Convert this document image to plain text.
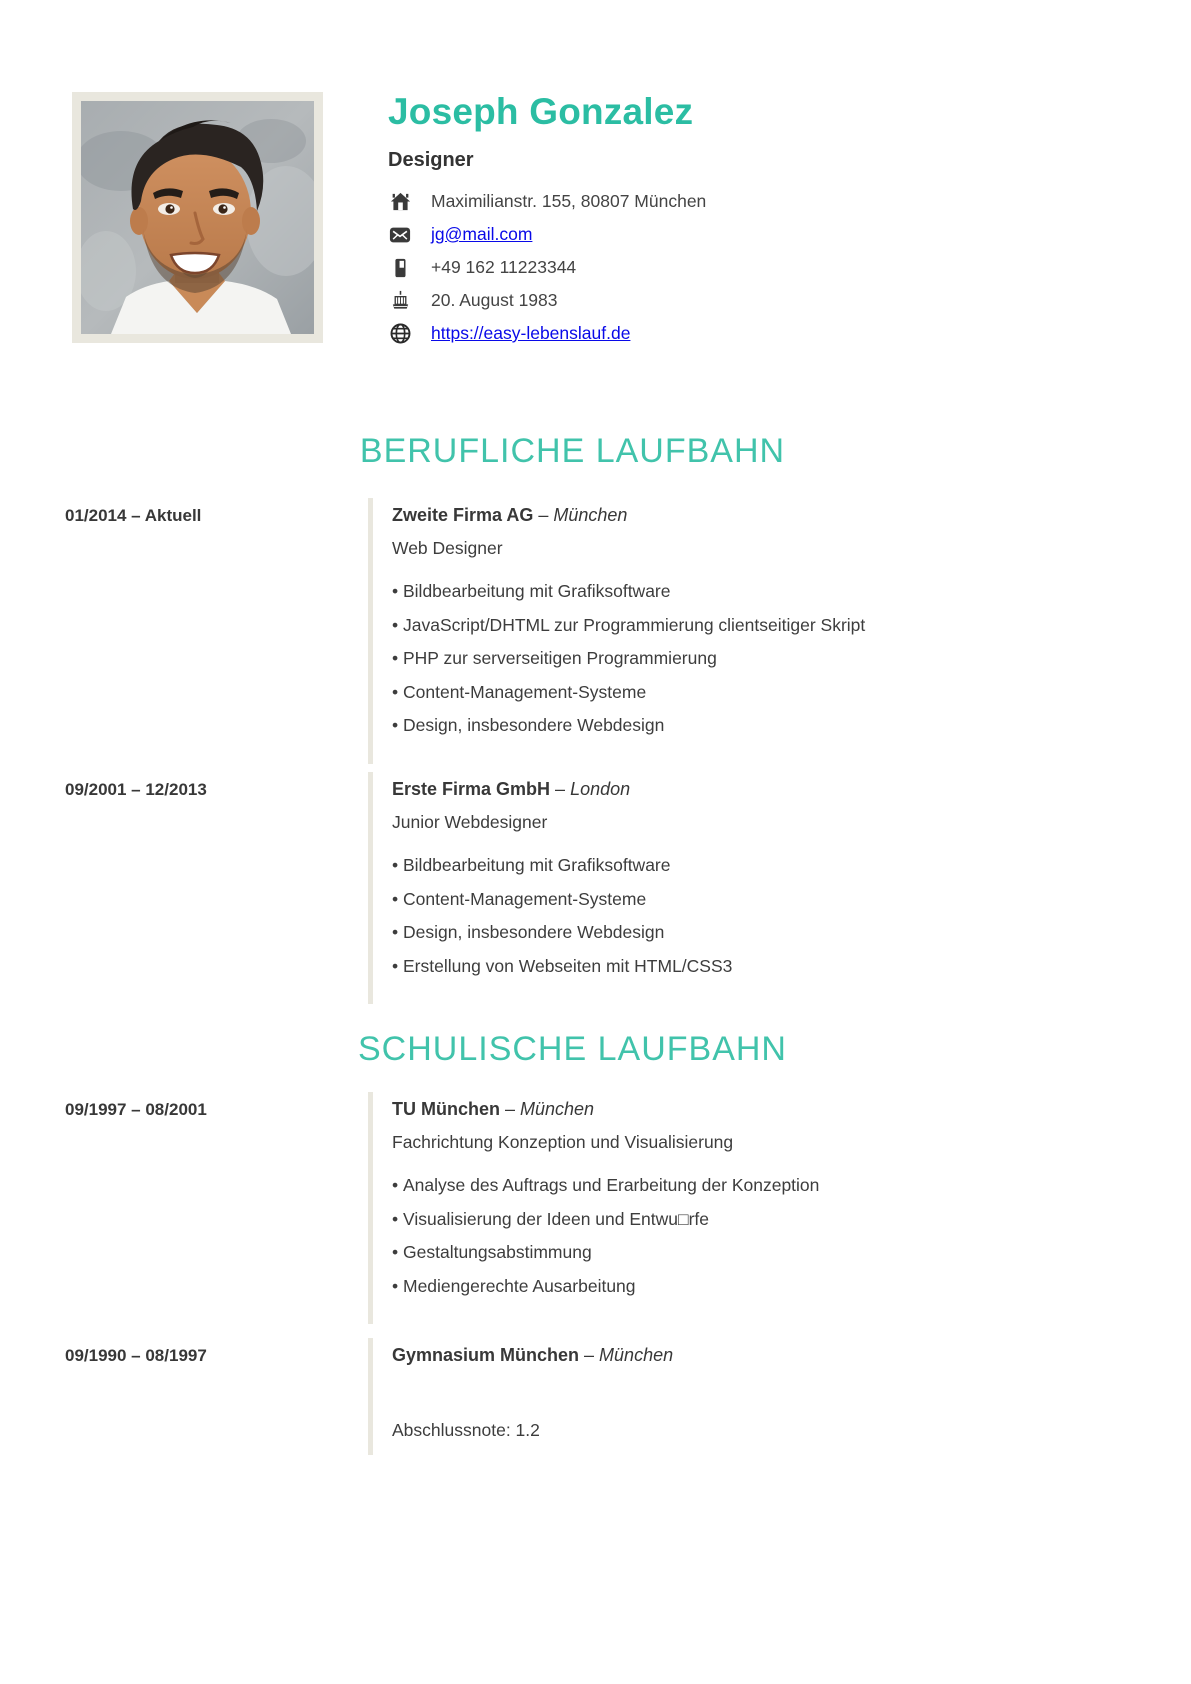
Joseph Gonzalez
Designer
Maximilianstr. 155, 80807 München
jg@mail.com
+49 162 11223344
20. August 1983
https://easy-lebenslauf.de
BERUFLICHE LAUFBAHN
01/2014 – Aktuell	Zweite Firma AG – München
Web Designer
• Bildbearbeitung mit Grafiksoftware
• JavaScript/DHTML zur Programmierung clientseitiger Skript
• PHP zur serverseitigen Programmierung
• Content-Management-Systeme
• Design, insbesondere Webdesign
09/2001 – 12/2013	Erste Firma GmbH – London
Junior Webdesigner
• Bildbearbeitung mit Grafiksoftware
• Content-Management-Systeme
• Design, insbesondere Webdesign
• Erstellung von Webseiten mit HTML/CSS3
SCHULISCHE LAUFBAHN
09/1997 – 08/2001	TU München – München
Fachrichtung Konzeption und Visualisierung
• Analyse des Auftrags und Erarbeitung der Konzeption
• Visualisierung der Ideen und Entwu□rfe
• Gestaltungsabstimmung
• Mediengerechte Ausarbeitung
09/1990 – 08/1997	Gymnasium München – München
Abschlussnote: 1.2
